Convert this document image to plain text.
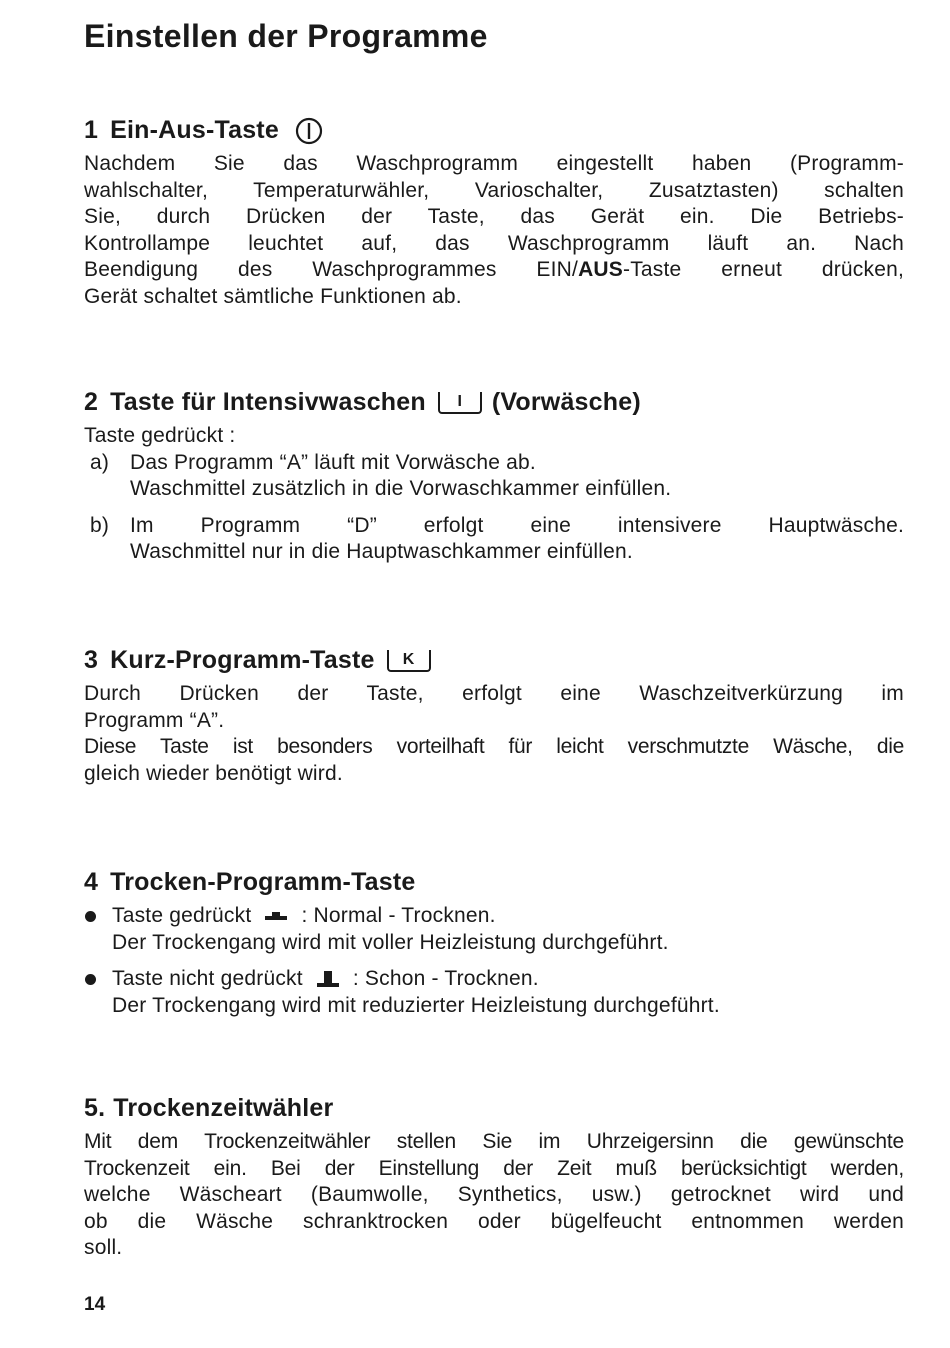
Einstellen der Programme
1 Ein-Aus-Taste
Nachdem Sie das Waschprogramm eingestellt haben (Programm-
wahlschalter, Temperaturwähler, Varioschalter, Zusatztasten) schalten
Sie, durch Drücken der Taste, das Gerät ein. Die Betriebs-
Kontrollampe leuchtet auf, das Waschprogramm läuft an. Nach
Beendigung des Waschprogrammes EIN/AUS-Taste erneut drücken,
Gerät schaltet sämtliche Funktionen ab.
2 Taste für Intensivwaschen	I	(Vorwäsche)
Taste gedrückt :
a) Das Programm “A” läuft mit Vorwäsche ab.
Waschmittel zusätzlich in die Vorwaschkammer einfüllen.
b) Im Programm “D” erfolgt eine intensivere Hauptwäsche.
Waschmittel nur in die Hauptwaschkammer einfüllen.
3 Kurz-Programm-Taste	K
Durch Drücken der Taste, erfolgt eine Waschzeitverkürzung im
Programm “A”.
Diese Taste ist besonders vorteilhaft für leicht verschmutzte Wäsche, die
gleich wieder benötigt wird.
4 Trocken-Programm-Taste
Taste gedrückt : Normal - Trocknen.
Der Trockengang wird mit voller Heizleistung durchgeführt.
Taste nicht gedrückt : Schon - Trocknen.
Der Trockengang wird mit reduzierter Heizleistung durchgeführt.
5. Trockenzeitwähler
Mit dem Trockenzeitwähler stellen Sie im Uhrzeigersinn die gewünschte
Trockenzeit ein. Bei der Einstellung der Zeit muß berücksichtigt werden,
welche Wäscheart (Baumwolle, Synthetics, usw.) getrocknet wird und
ob die Wäsche schranktrocken oder bügelfeucht entnommen werden
soll.
14
